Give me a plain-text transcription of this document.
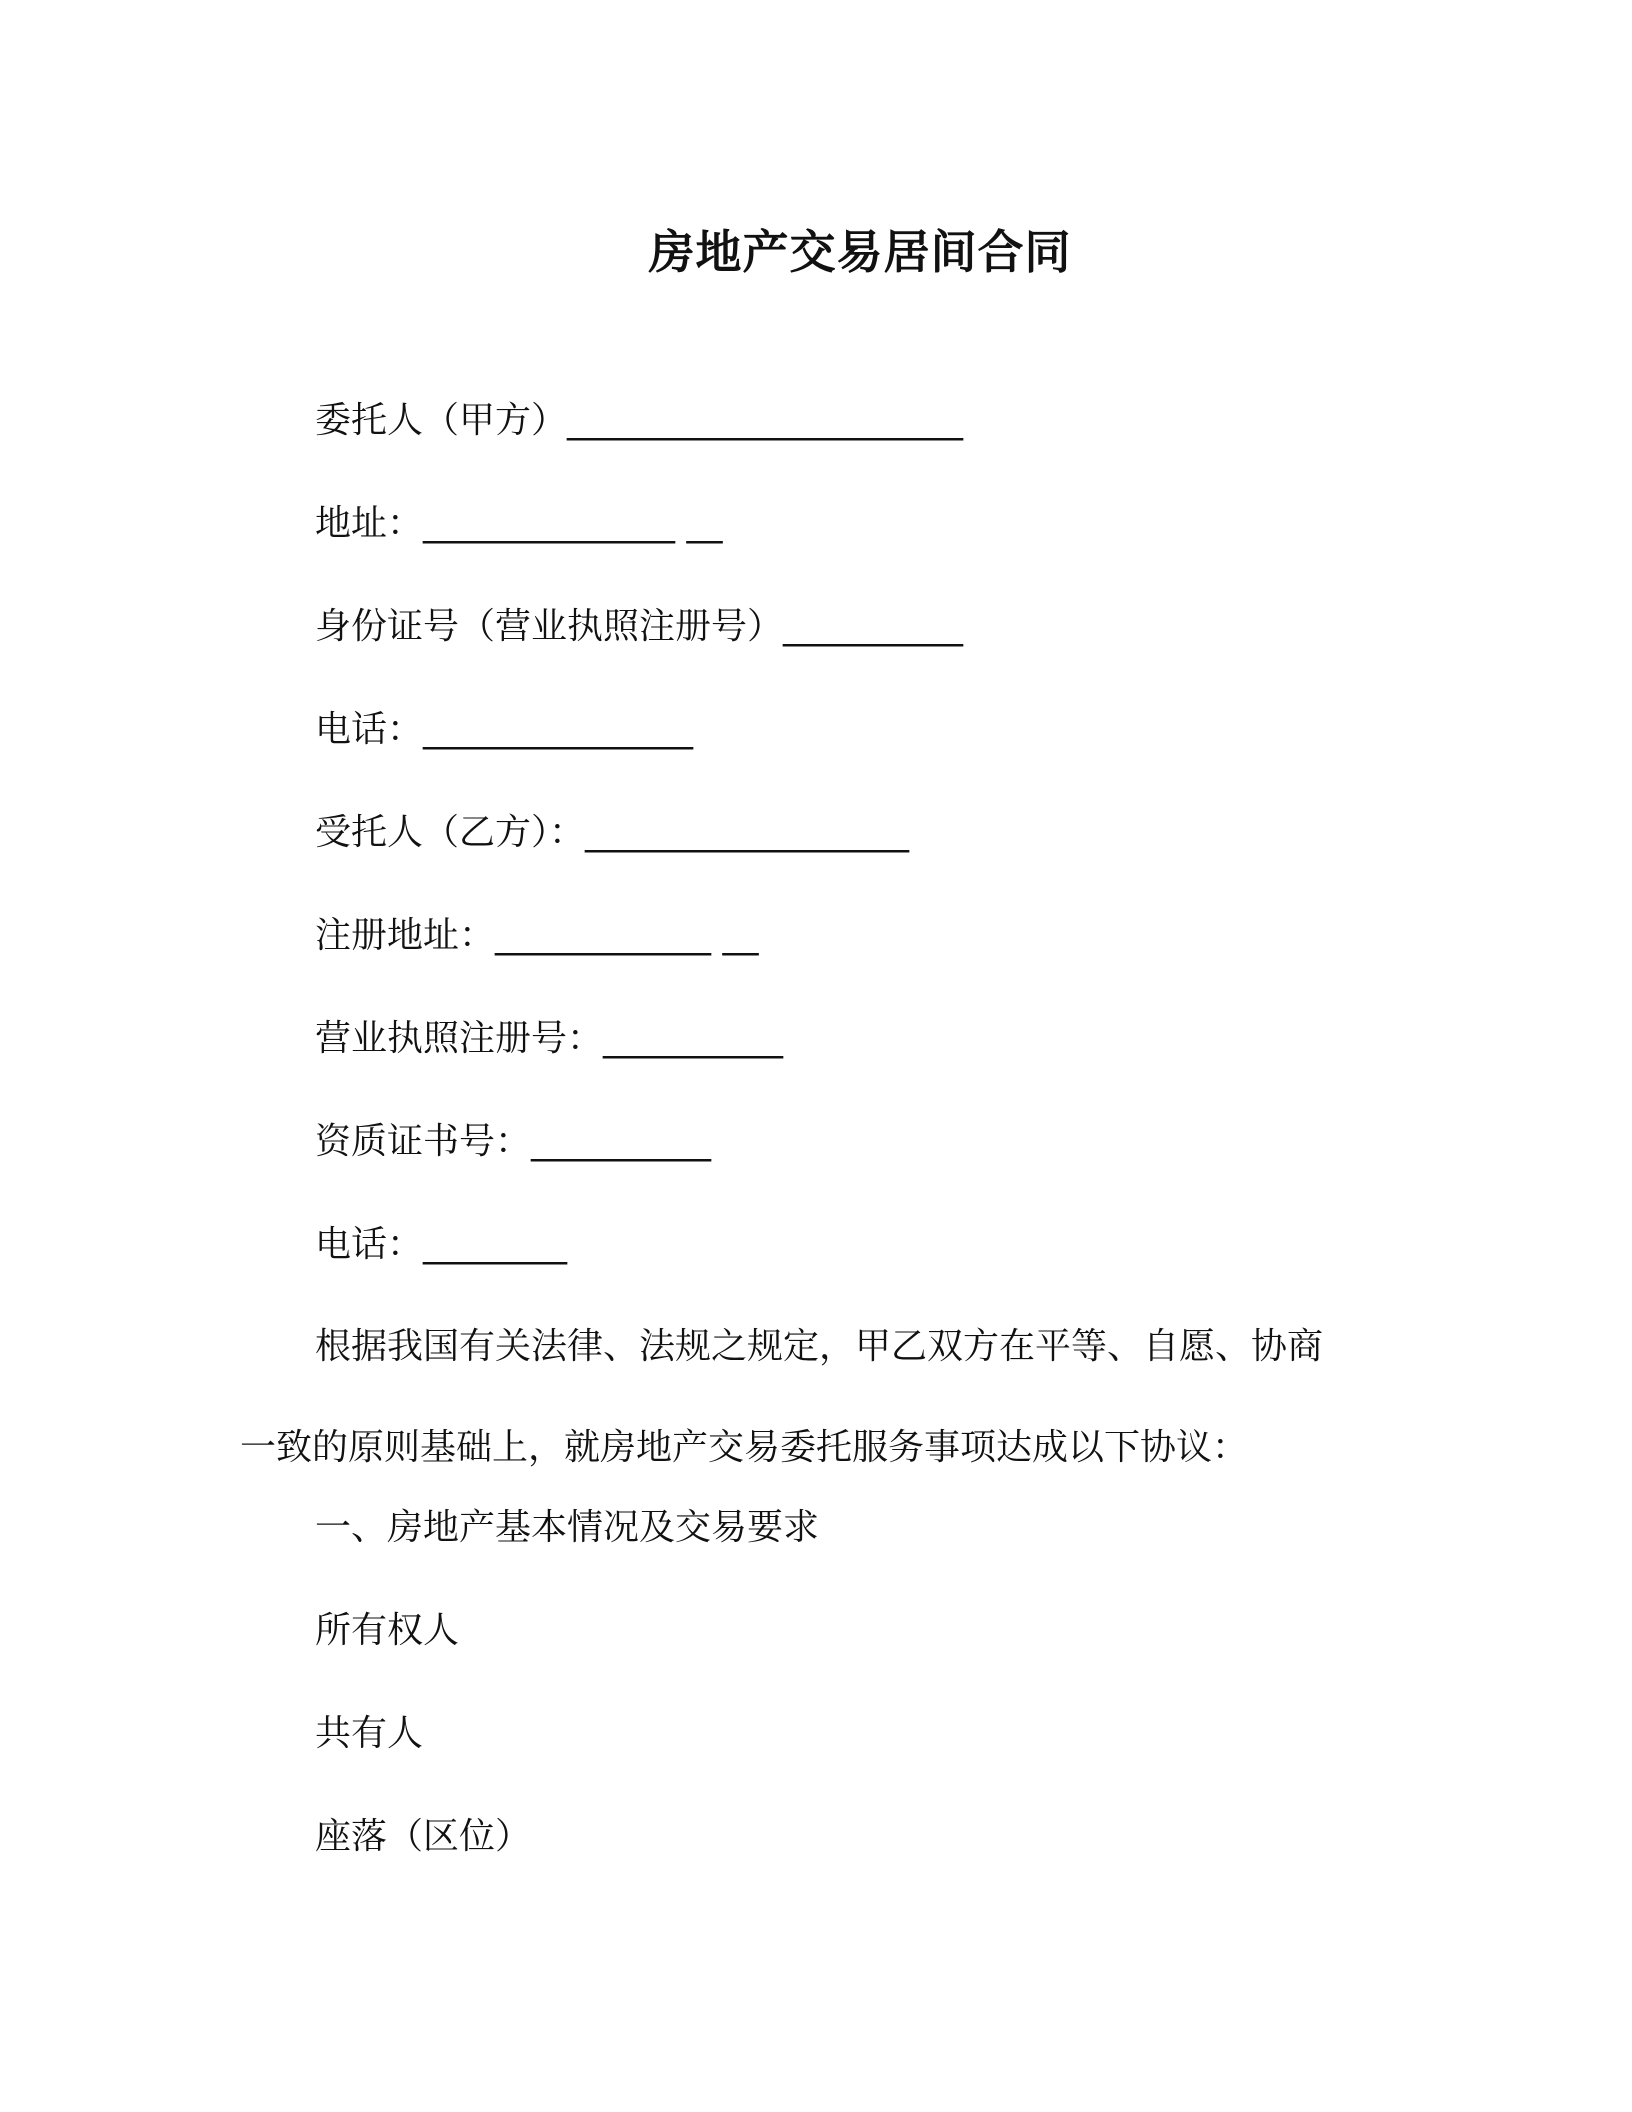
房地产交易居间合同
委托人（甲方）______________________
地址：______________ __
身份证号（营业执照注册号）__________
电话：_______________
受托人（乙方）：__________________
注册地址：____________ __
营业执照注册号：__________
资质证书号：__________
电话：________
根据我国有关法律、法规之规定，甲乙双方在平等、自愿、协商
一致的原则基础上，就房地产交易委托服务事项达成以下协议：
一、房地产基本情况及交易要求
所有权人
共有人
座落（区位）
